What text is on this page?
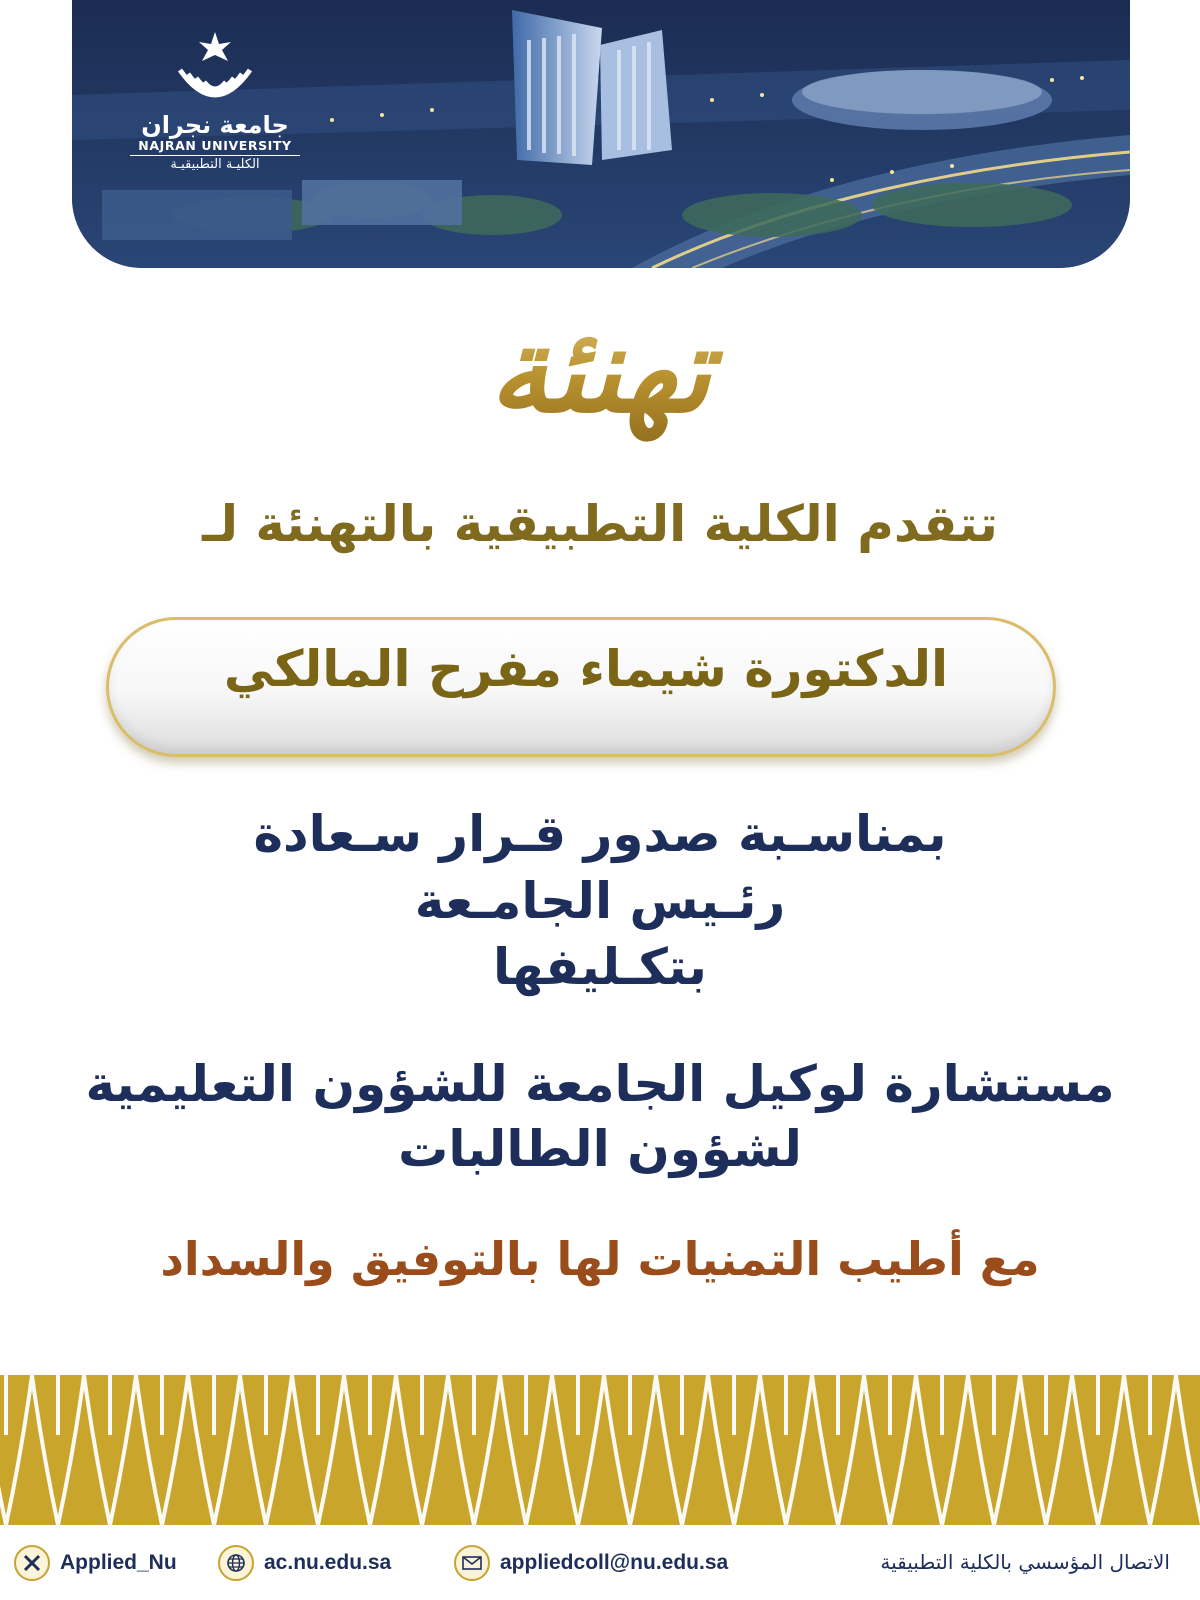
جامعة نجران
NAJRAN UNIVERSITY
الكليـة التطبيقيـة
تهنئة
تتقدم الكلية التطبيقية بالتهنئة لـ
الدكتورة شيماء مفرح المالكي
بمناسـبة صدور قـرار سـعادة
رئـيس الجامـعة
بتكـليفها
مستشارة لوكيل الجامعة للشؤون التعليمية
لشؤون الطالبات
مع أطيب التمنيات لها بالتوفيق والسداد
Applied_Nu	ac.nu.edu.sa	appliedcoll@nu.edu.sa	الاتصال المؤسسي بالكلية التطبيقية
